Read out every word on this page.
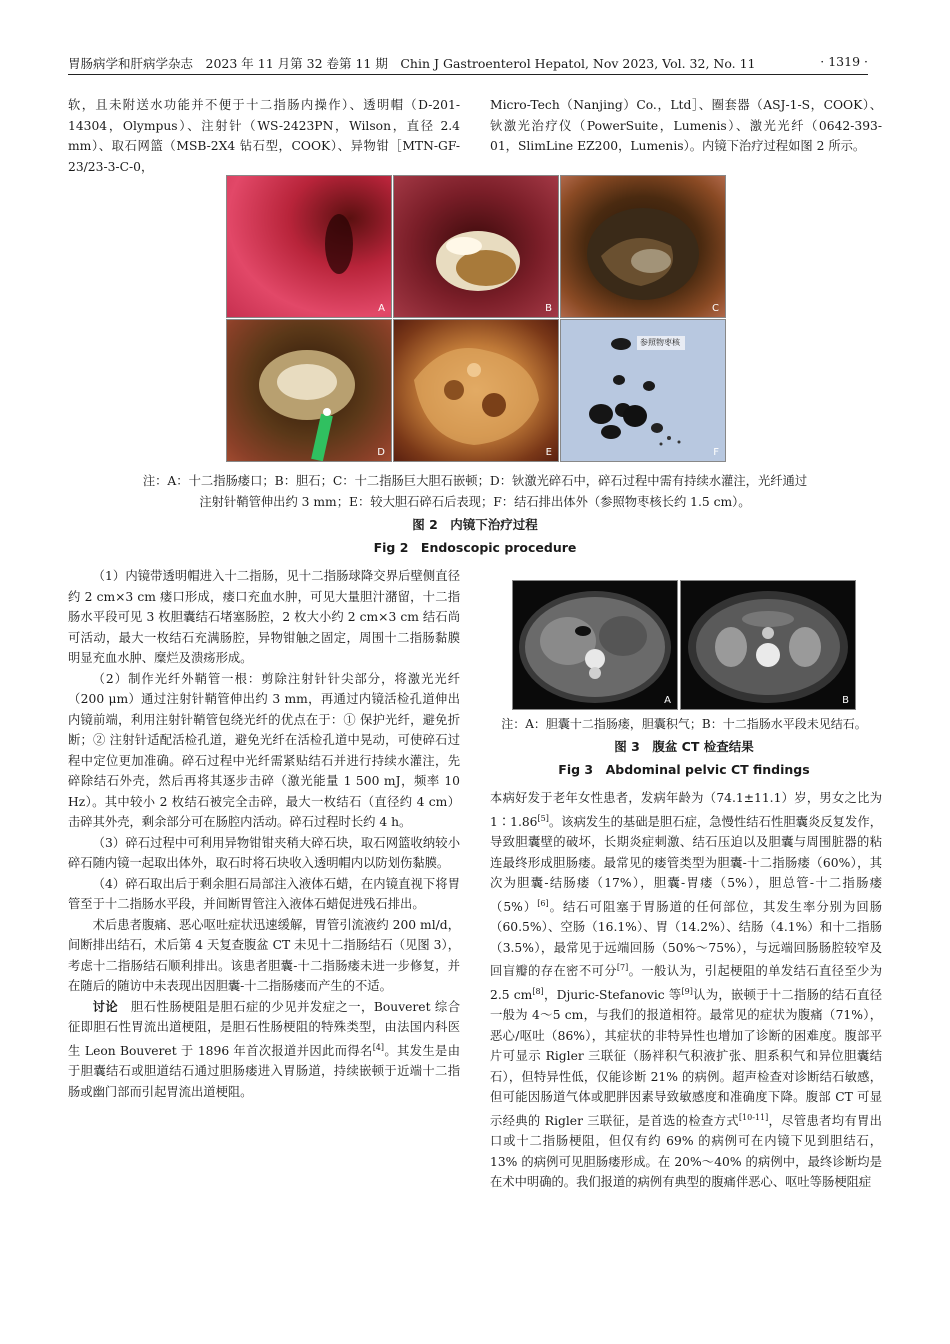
胃肠病学和肝病学杂志　2023 年 11 月第 32 卷第 11 期　Chin J Gastroenterol Hepatol, Nov 2023, Vol. 32, No. 11	· 1319 ·

软，且未附送水功能并不便于十二指肠内操作）、透明帽（D-201-14304，Olympus）、注射针（WS-2423PN，Wilson，直径 2.4 mm）、取石网篮（MSB-2X4 钻石型，COOK）、异物钳［MTN-GF-23/23-3-C-0，

Micro-Tech（Nanjing）Co.，Ltd］、圈套器（ASJ-1-S，COOK）、钬激光治疗仪（PowerSuite，Lumenis）、激光光纤（0642-393-01，SlimLine EZ200，Lumenis）。内镜下治疗过程如图 2 所示。

A	B	C
D	E
参照物枣核
F
注：A：十二指肠瘘口；B：胆石；C：十二指肠巨大胆石嵌顿；D：钬激光碎石中，碎石过程中需有持续水灌注，光纤通过
注射针鞘管伸出约 3 mm；E：较大胆石碎石后表现；F：结石排出体外（参照物枣核长约 1.5 cm）。
图 2　内镜下治疗过程
Fig 2　Endoscopic procedure

（1）内镜带透明帽进入十二指肠，见十二指肠球降交界后壁侧直径约 2 cm×3 cm 瘘口形成，瘘口充血水肿，可见大量胆汁潴留，十二指肠水平段可见 3 枚胆囊结石堵塞肠腔，2 枚大小约 2 cm×3 cm 结石尚可活动，最大一枚结石充满肠腔，异物钳触之固定，周围十二指肠黏膜明显充血水肿、糜烂及溃疡形成。

（2）制作光纤外鞘管一根：剪除注射针针尖部分，将激光光纤（200 μm）通过注射针鞘管伸出约 3 mm，再通过内镜活检孔道伸出内镜前端，利用注射针鞘管包绕光纤的优点在于：① 保护光纤，避免折断；② 注射针适配活检孔道，避免光纤在活检孔道中晃动，可使碎石过程中定位更加准确。碎石过程中光纤需紧贴结石并进行持续水灌注，先碎除结石外壳，然后再将其逐步击碎（激光能量 1 500 mJ，频率 10 Hz）。其中较小 2 枚结石被完全击碎，最大一枚结石（直径约 4 cm）击碎其外壳，剩余部分可在肠腔内活动。碎石过程时长约 4 h。

（3）碎石过程中可利用异物钳钳夹稍大碎石块，取石网篮收纳较小碎石随内镜一起取出体外，取石时将石块收入透明帽内以防划伤黏膜。

（4）碎石取出后于剩余胆石局部注入液体石蜡，在内镜直视下将胃管至于十二指肠水平段，并间断胃管注入液体石蜡促进残石排出。

术后患者腹痛、恶心呕吐症状迅速缓解，胃管引流液约 200 ml/d，间断排出结石，术后第 4 天复查腹盆 CT 未见十二指肠结石（见图 3），考虑十二指肠结石顺利排出。该患者胆囊-十二指肠瘘未进一步修复，并在随后的随访中未表现出因胆囊-十二指肠瘘而产生的不适。

讨论　 胆石性肠梗阻是胆石症的少见并发症之一，Bouveret 综合征即胆石性胃流出道梗阻，是胆石性肠梗阻的特殊类型，由法国内科医生 Leon Bouveret 于 1896 年首次报道并因此而得名[4]。其发生是由于胆囊结石或胆道结石通过胆肠瘘进入胃肠道，持续嵌顿于近端十二指肠或幽门部而引起胃流出道梗阻。

A	B
注：A：胆囊十二指肠瘘，胆囊积气；B：十二指肠水平段未见结石。
图 3　腹盆 CT 检查结果
Fig 3　Abdominal pelvic CT findings

本病好发于老年女性患者，发病年龄为（74.1±11.1）岁，男女之比为 1∶1.86[5]。该病发生的基础是胆石症，急慢性结石性胆囊炎反复发作，导致胆囊壁的破坏，长期炎症刺激、结石压迫以及胆囊与周围脏器的粘连最终形成胆肠瘘。最常见的瘘管类型为胆囊-十二指肠瘘（60%），其次为胆囊-结肠瘘（17%），胆囊-胃瘘（5%），胆总管-十二指肠瘘（5%）[6]。结石可阻塞于胃肠道的任何部位，其发生率分别为回肠（60.5%）、空肠（16.1%）、胃（14.2%）、结肠（4.1%）和十二指肠（3.5%），最常见于远端回肠（50%～75%），与远端回肠肠腔较窄及回盲瓣的存在密不可分[7]。一般认为，引起梗阻的单发结石直径至少为 2.5 cm[8]，Djuric-Stefanovic 等[9]认为，嵌顿于十二指肠的结石直径一般为 4～5 cm，与我们的报道相符。最常见的症状为腹痛（71%），恶心/呕吐（86%），其症状的非特异性也增加了诊断的困难度。腹部平片可显示 Rigler 三联征（肠袢积气积液扩张、胆系积气和异位胆囊结石），但特异性低，仅能诊断 21% 的病例。超声检查对诊断结石敏感，但可能因肠道气体或肥胖因素导致敏感度和准确度下降。腹部 CT 可显示经典的 Rigler 三联征，是首选的检查方式[10-11]，尽管患者均有胃出口或十二指肠梗阻，但仅有约 69% 的病例可在内镜下见到胆结石，13% 的病例可见胆肠瘘形成。在 20%～40% 的病例中，最终诊断均是在术中明确的。我们报道的病例有典型的腹痛伴恶心、呕吐等肠梗阻症
